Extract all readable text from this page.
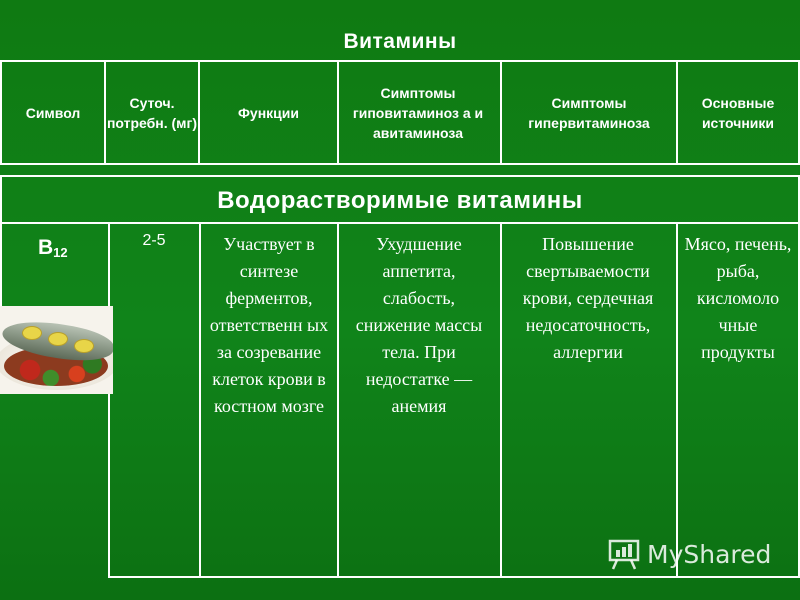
Витамины
Символ
Суточ. потребн. (мг)
Функции
Симптомы гиповитаминоз а и авитаминоза
Симптомы гипервитаминоза
Основные источники
Водорастворимые витамины
$B_{12}$
2-5	Участвует в синтезе ферментов, ответственн ых за созревание клеток крови в костном мозге
Ухудшение аппетита, слабость, снижение массы тела. При недостатке — анемия
Повышение свертываемости крови, сердечная недосаточность, аллергии
Мясо, печень, рыба, кисломоло чные продукты
MyShared
